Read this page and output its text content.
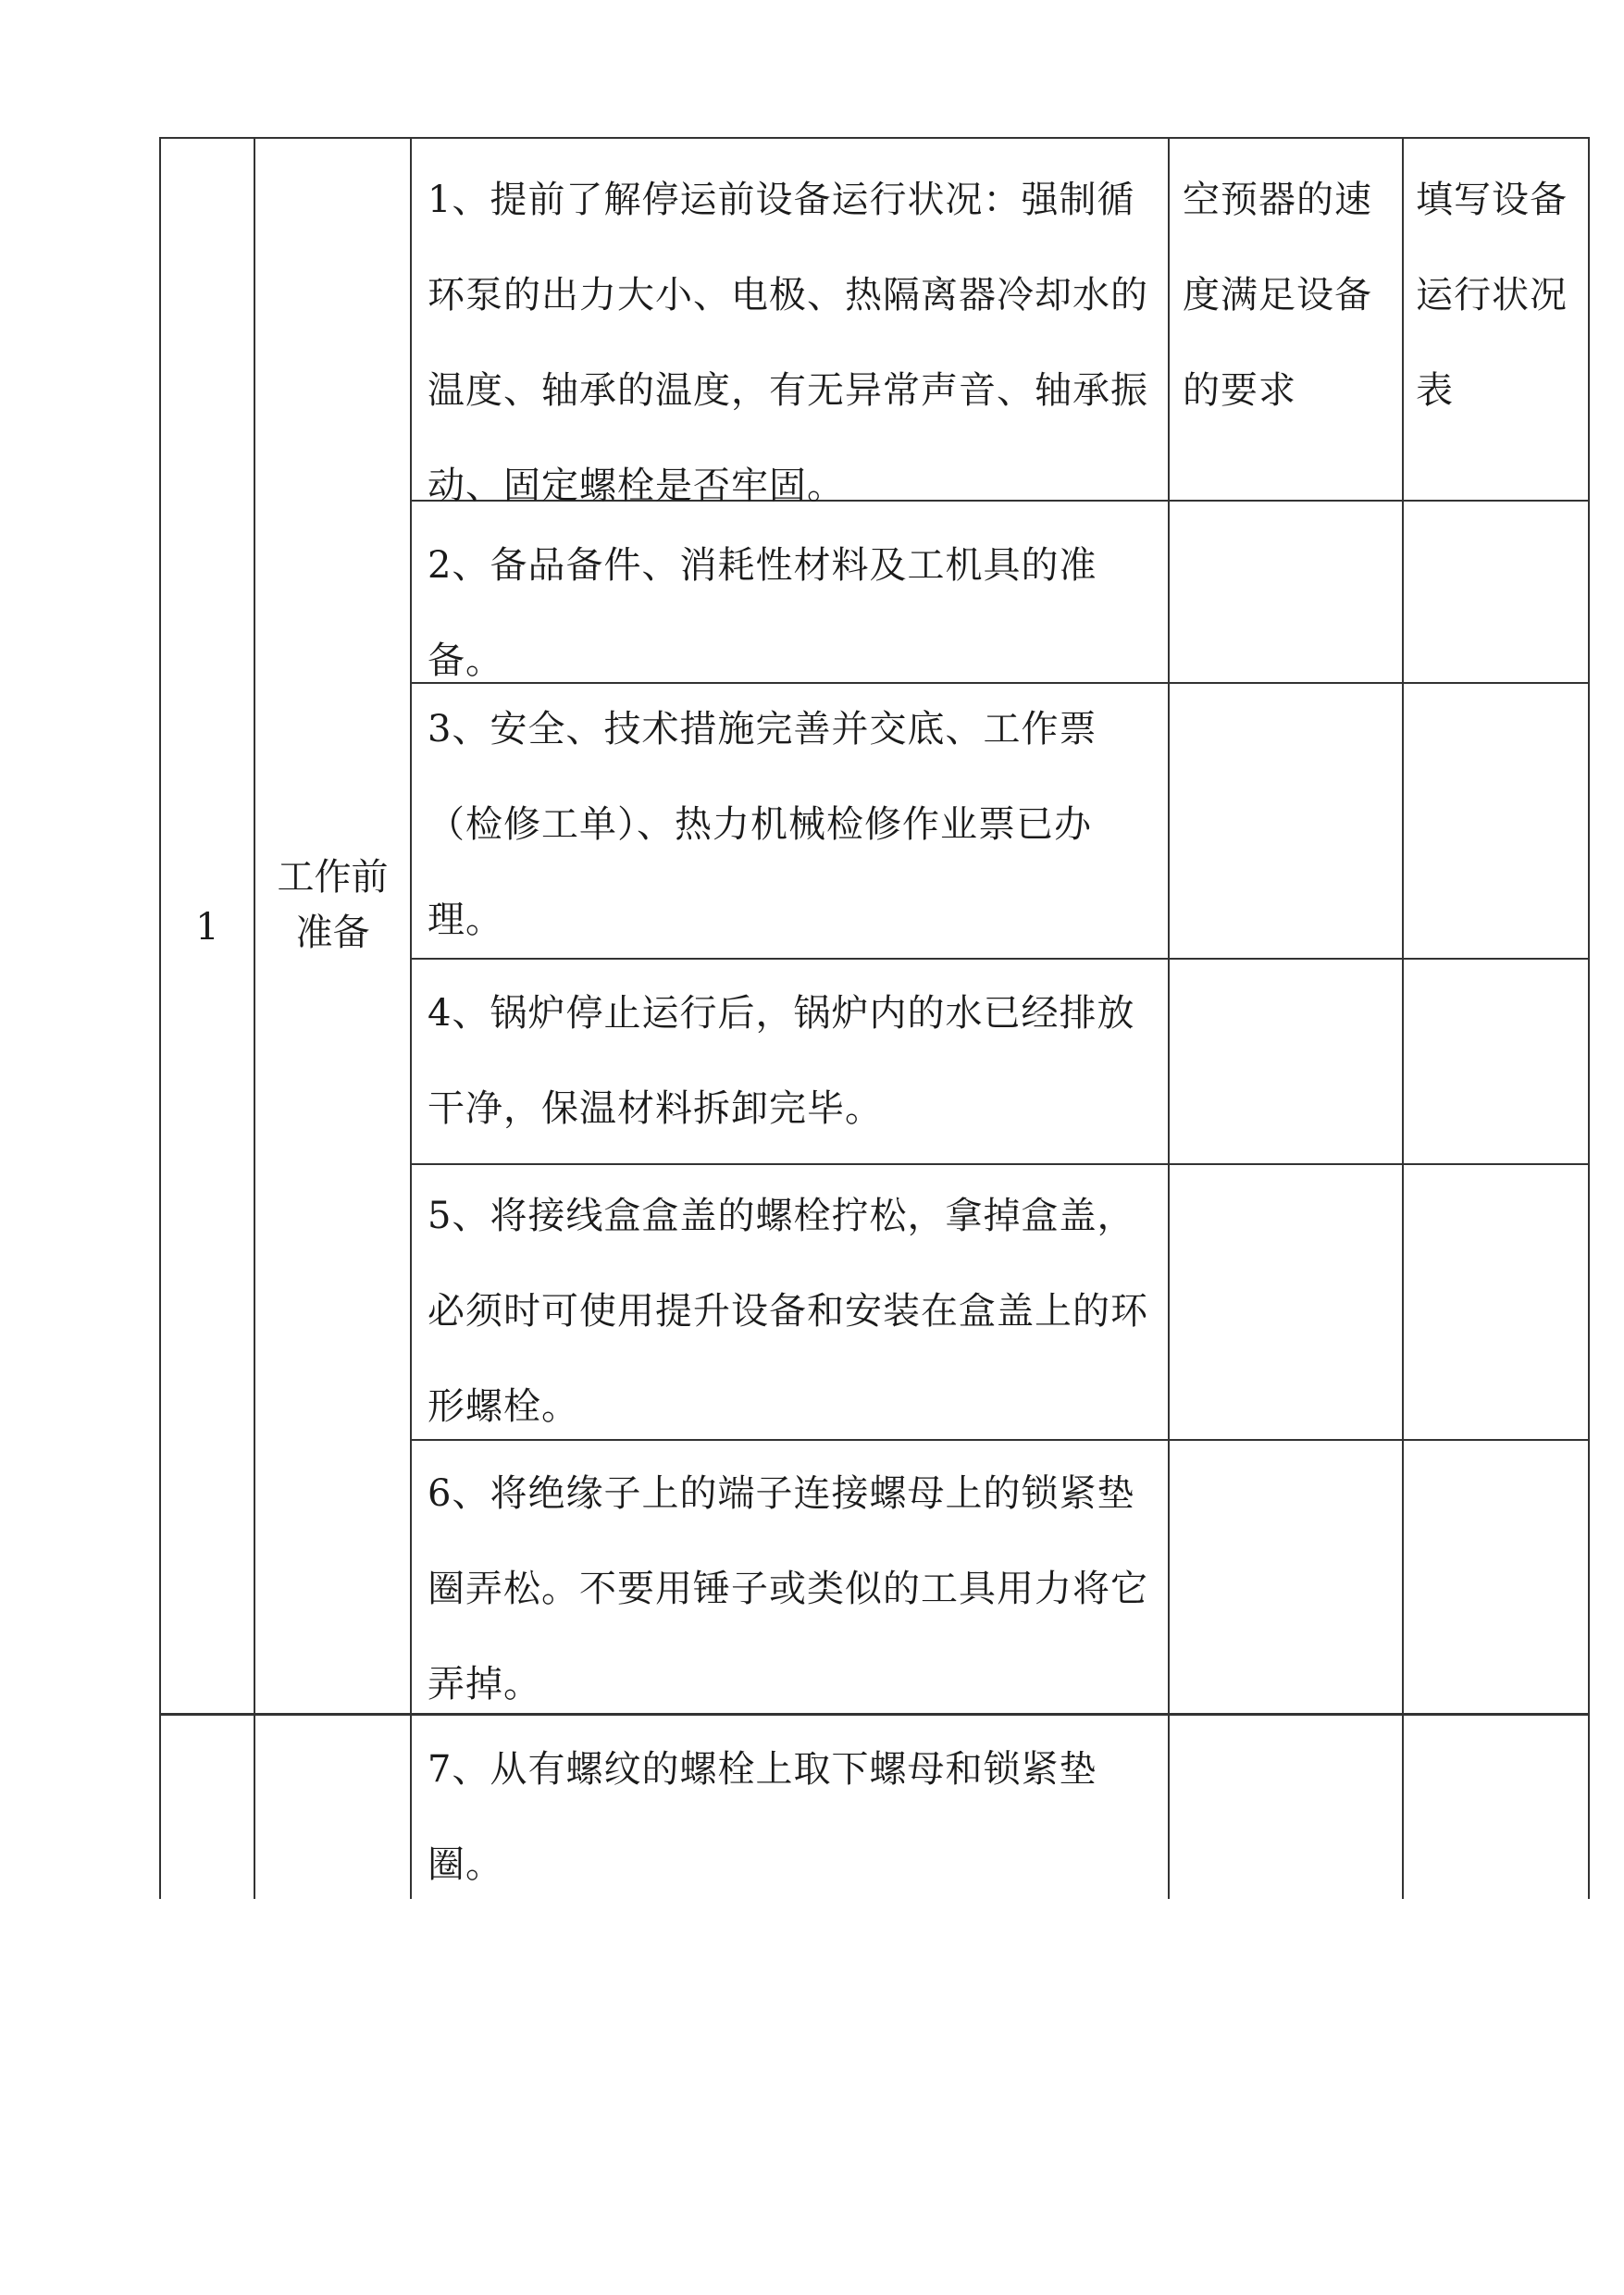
1
工作前
准备
1、提前了解停运前设备运行状况：强制循环泵的出力大小、电极、热隔离器冷却水的温度、轴承的温度，有无异常声音、轴承振动、固定螺栓是否牢固。
空预器的速度满足设备的要求
填写设备运行状况表
2、备品备件、消耗性材料及工机具的准备。
3、安全、技术措施完善并交底、工作票（检修工单）、热力机械检修作业票已办理。
4、锅炉停止运行后，锅炉内的水已经排放干净，保温材料拆卸完毕。
5、将接线盒盒盖的螺栓拧松，拿掉盒盖，必须时可使用提升设备和安装在盒盖上的环形螺栓。
6、将绝缘子上的端子连接螺母上的锁紧垫圈弄松。不要用锤子或类似的工具用力将它弄掉。
7、从有螺纹的螺栓上取下螺母和锁紧垫圈。
